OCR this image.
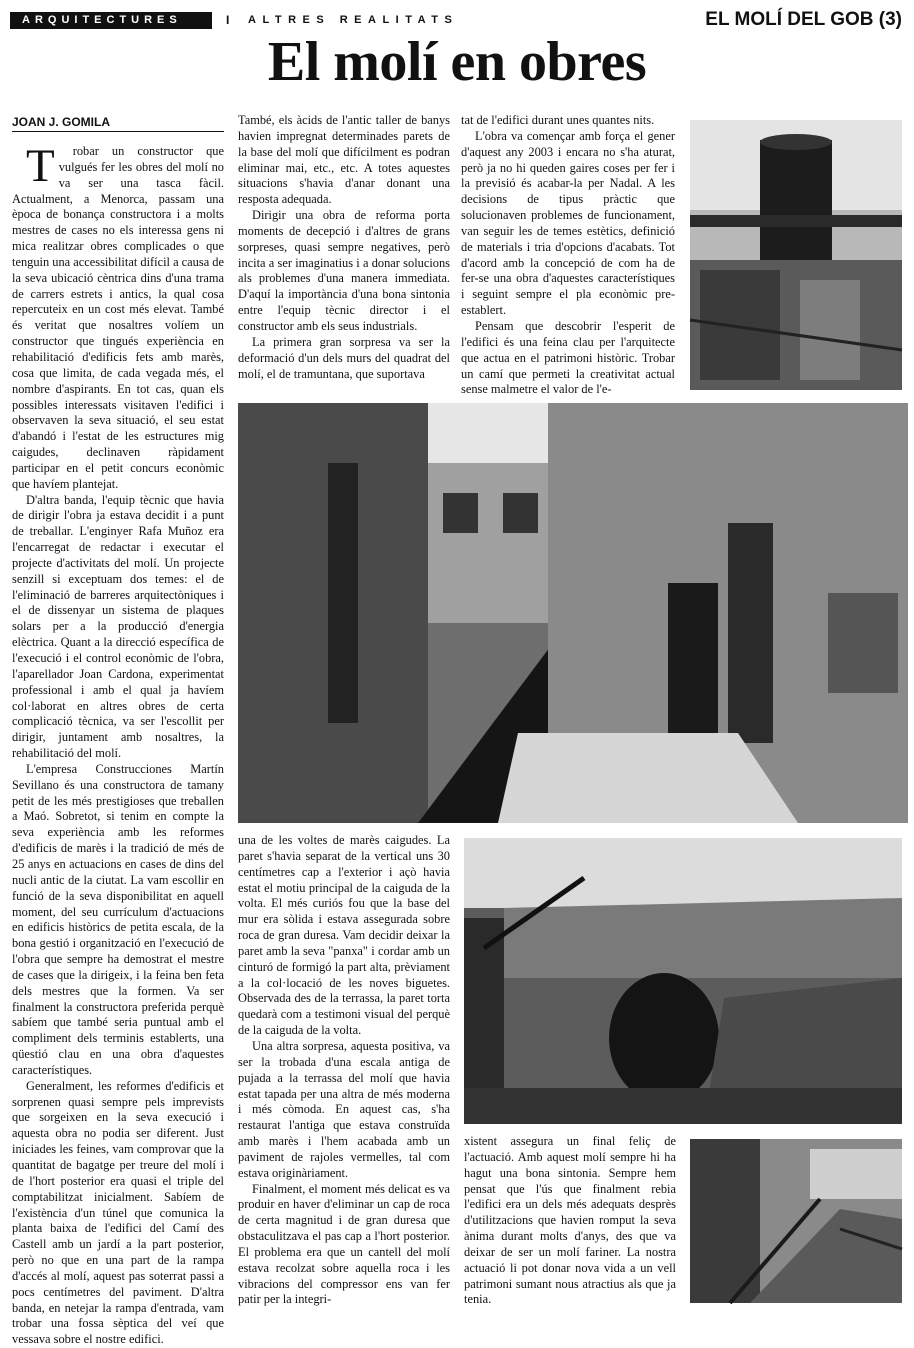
ARQUITECTURES	I ALTRES REALITATS	EL MOLÍ DEL GOB (3)
El molí en obres
JOAN J. GOMILA

Trobar un constructor que vulgués fer les obres del molí no va ser una tasca fàcil. Actualment, a Menorca, passam una època de bonança constructora i a molts mestres de cases no els interessa gens ni mica realitzar obres complicades o que tenguin una accessibilitat difícil a causa de la seva ubicació cèntrica dins d'una trama de carrers estrets i antics, la qual cosa repercuteix en un cost més elevat. També és veritat que nosaltres volíem un constructor que tingués experiència en rehabilitació d'edificis fets amb marès, cosa que limita, de cada vegada més, el nombre d'aspirants. En tot cas, quan els possibles interessats visitaven l'edifici i observaven la seva situació, el seu estat d'abandó i l'estat de les estructures mig caigudes, declinaven ràpidament participar en el petit concurs econòmic que havíem plantejat.

D'altra banda, l'equip tècnic que havia de dirigir l'obra ja estava decidit i a punt de treballar. L'enginyer Rafa Muñoz era l'encarregat de redactar i executar el projecte d'activitats del molí. Un projecte senzill si exceptuam dos temes: el de l'eliminació de barreres arquitectòniques i el de dissenyar un sistema de plaques solars per a la producció d'energia elèctrica. Quant a la direcció específica de l'execució i el control econòmic de l'obra, l'aparellador Joan Cardona, experimentat professional i amb el qual ja havíem col·laborat en altres obres de certa complicació tècnica, va ser l'escollit per dirigir, juntament amb nosaltres, la rehabilitació del molí.

L'empresa Construcciones Martín Sevillano és una constructora de tamany petit de les més prestigioses que treballen a Maó. Sobretot, si tenim en compte la seva experiència amb les reformes d'edificis de marès i la tradició de més de 25 anys en actuacions en cases de dins del nucli antic de la ciutat. La vam escollir en funció de la seva disponibilitat en aquell moment, del seu currículum d'actuacions en edificis històrics de petita escala, de la bona gestió i organització en l'execució de l'obra que sempre ha demostrat el mestre de cases que la dirigeix, i la feina ben feta dels mestres que la formen. Va ser finalment la constructora preferida perquè sabíem que també seria puntual amb el compliment dels terminis establerts, una qüestió clau en una obra d'aquestes característiques.

Generalment, les reformes d'edificis et sorprenen quasi sempre pels imprevists que sorgeixen en la seva execució i aquesta obra no podia ser diferent. Just iniciades les feines, vam comprovar que la quantitat de bagatge per treure del molí i de l'hort posterior era quasi el triple del comptabilitzat inicialment. Sabíem de l'existència d'un túnel que comunica la planta baixa de l'edifici del Camí des Castell amb un jardí a la part posterior, però no que en una part de la rampa d'accés al molí, aquest pas soterrat passi a pocs centímetres del paviment. D'altra banda, en netejar la rampa d'entrada, vam trobar una fossa sèptica del veí que vessava sobre el nostre edifici.

També, els àcids de l'antic taller de banys havien impregnat determinades parets de la base del molí que difícilment es podran eliminar mai, etc., etc. A totes aquestes situacions s'havia d'anar donant una resposta adequada.

Dirigir una obra de reforma porta moments de decepció i d'altres de grans sorpreses, quasi sempre negatives, però incita a ser imaginatius i a donar solucions als problemes d'una manera immediata. D'aquí la importància d'una bona sintonia entre l'equip tècnic director i el constructor amb els seus industrials.

La primera gran sorpresa va ser la deformació d'un dels murs del quadrat del molí, el de tramuntana, que suportava

tat de l'edifici durant unes quantes nits.

L'obra va començar amb força el gener d'aquest any 2003 i encara no s'ha aturat, però ja no hi queden gaires coses per fer i la previsió és acabar-la per Nadal. A les decisions de tipus pràctic que solucionaven problemes de funcionament, van seguir les de temes estètics, definició de materials i tria d'opcions d'acabats. Tot d'acord amb la concepció de com ha de fer-se una obra d'aquestes característiques i seguint sempre el pla econòmic pre-establert.

Pensam que descobrir l'esperit de l'edifici és una feina clau per l'arquitecte que actua en el patrimoni històric. Trobar un camí que permeti la creativitat actual sense malmetre el valor de l'e-

una de les voltes de marès caigudes. La paret s'havia separat de la vertical uns 30 centímetres cap a l'exterior i açò havia estat el motiu principal de la caiguda de la volta. El més curiós fou que la base del mur era sòlida i estava assegurada sobre roca de gran duresa. Vam decidir deixar la paret amb la seva "panxa" i cordar amb un cinturó de formigó la part alta, prèviament a la col·locació de les noves biguetes. Observada des de la terrassa, la paret torta quedarà com a testimoni visual del perquè de la caiguda de la volta.

Una altra sorpresa, aquesta positiva, va ser la trobada d'una escala antiga de pujada a la terrassa del molí que havia estat tapada per una altra de més moderna i més còmoda. En aquest cas, s'ha restaurat l'antiga que estava construïda amb marès i l'hem acabada amb un paviment de rajoles vermelles, tal com estava originàriament.

Finalment, el moment més delicat es va produir en haver d'eliminar un cap de roca de certa magnitud i de gran duresa que obstaculitzava el pas cap a l'hort posterior. El problema era que un cantell del molí estava recolzat sobre aquella roca i les vibracions del compressor ens van fer patir per la integri-

xistent assegura un final feliç de l'actuació. Amb aquest molí sempre hi ha hagut una bona sintonia. Sempre hem pensat que l'ús que finalment rebia l'edifici era un dels més adequats desprès d'utilitzacions que havien romput la seva ànima durant molts d'anys, des que va deixar de ser un molí fariner. La nostra actuació li pot donar nova vida a un vell patrimoni sumant nous atractius als que ja tenia.
